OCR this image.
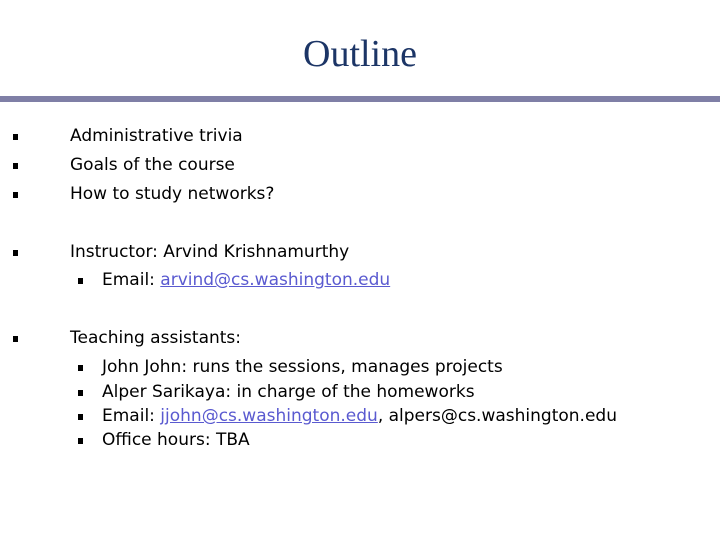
Outline
Administrative trivia
Goals of the course
How to study networks?
Instructor: Arvind Krishnamurthy
Email: arvind@cs.washington.edu
Teaching assistants:
John John: runs the sessions, manages projects
Alper Sarikaya: in charge of the homeworks
Email: jjohn@cs.washington.edu, alpers@cs.washington.edu
Office hours: TBA
